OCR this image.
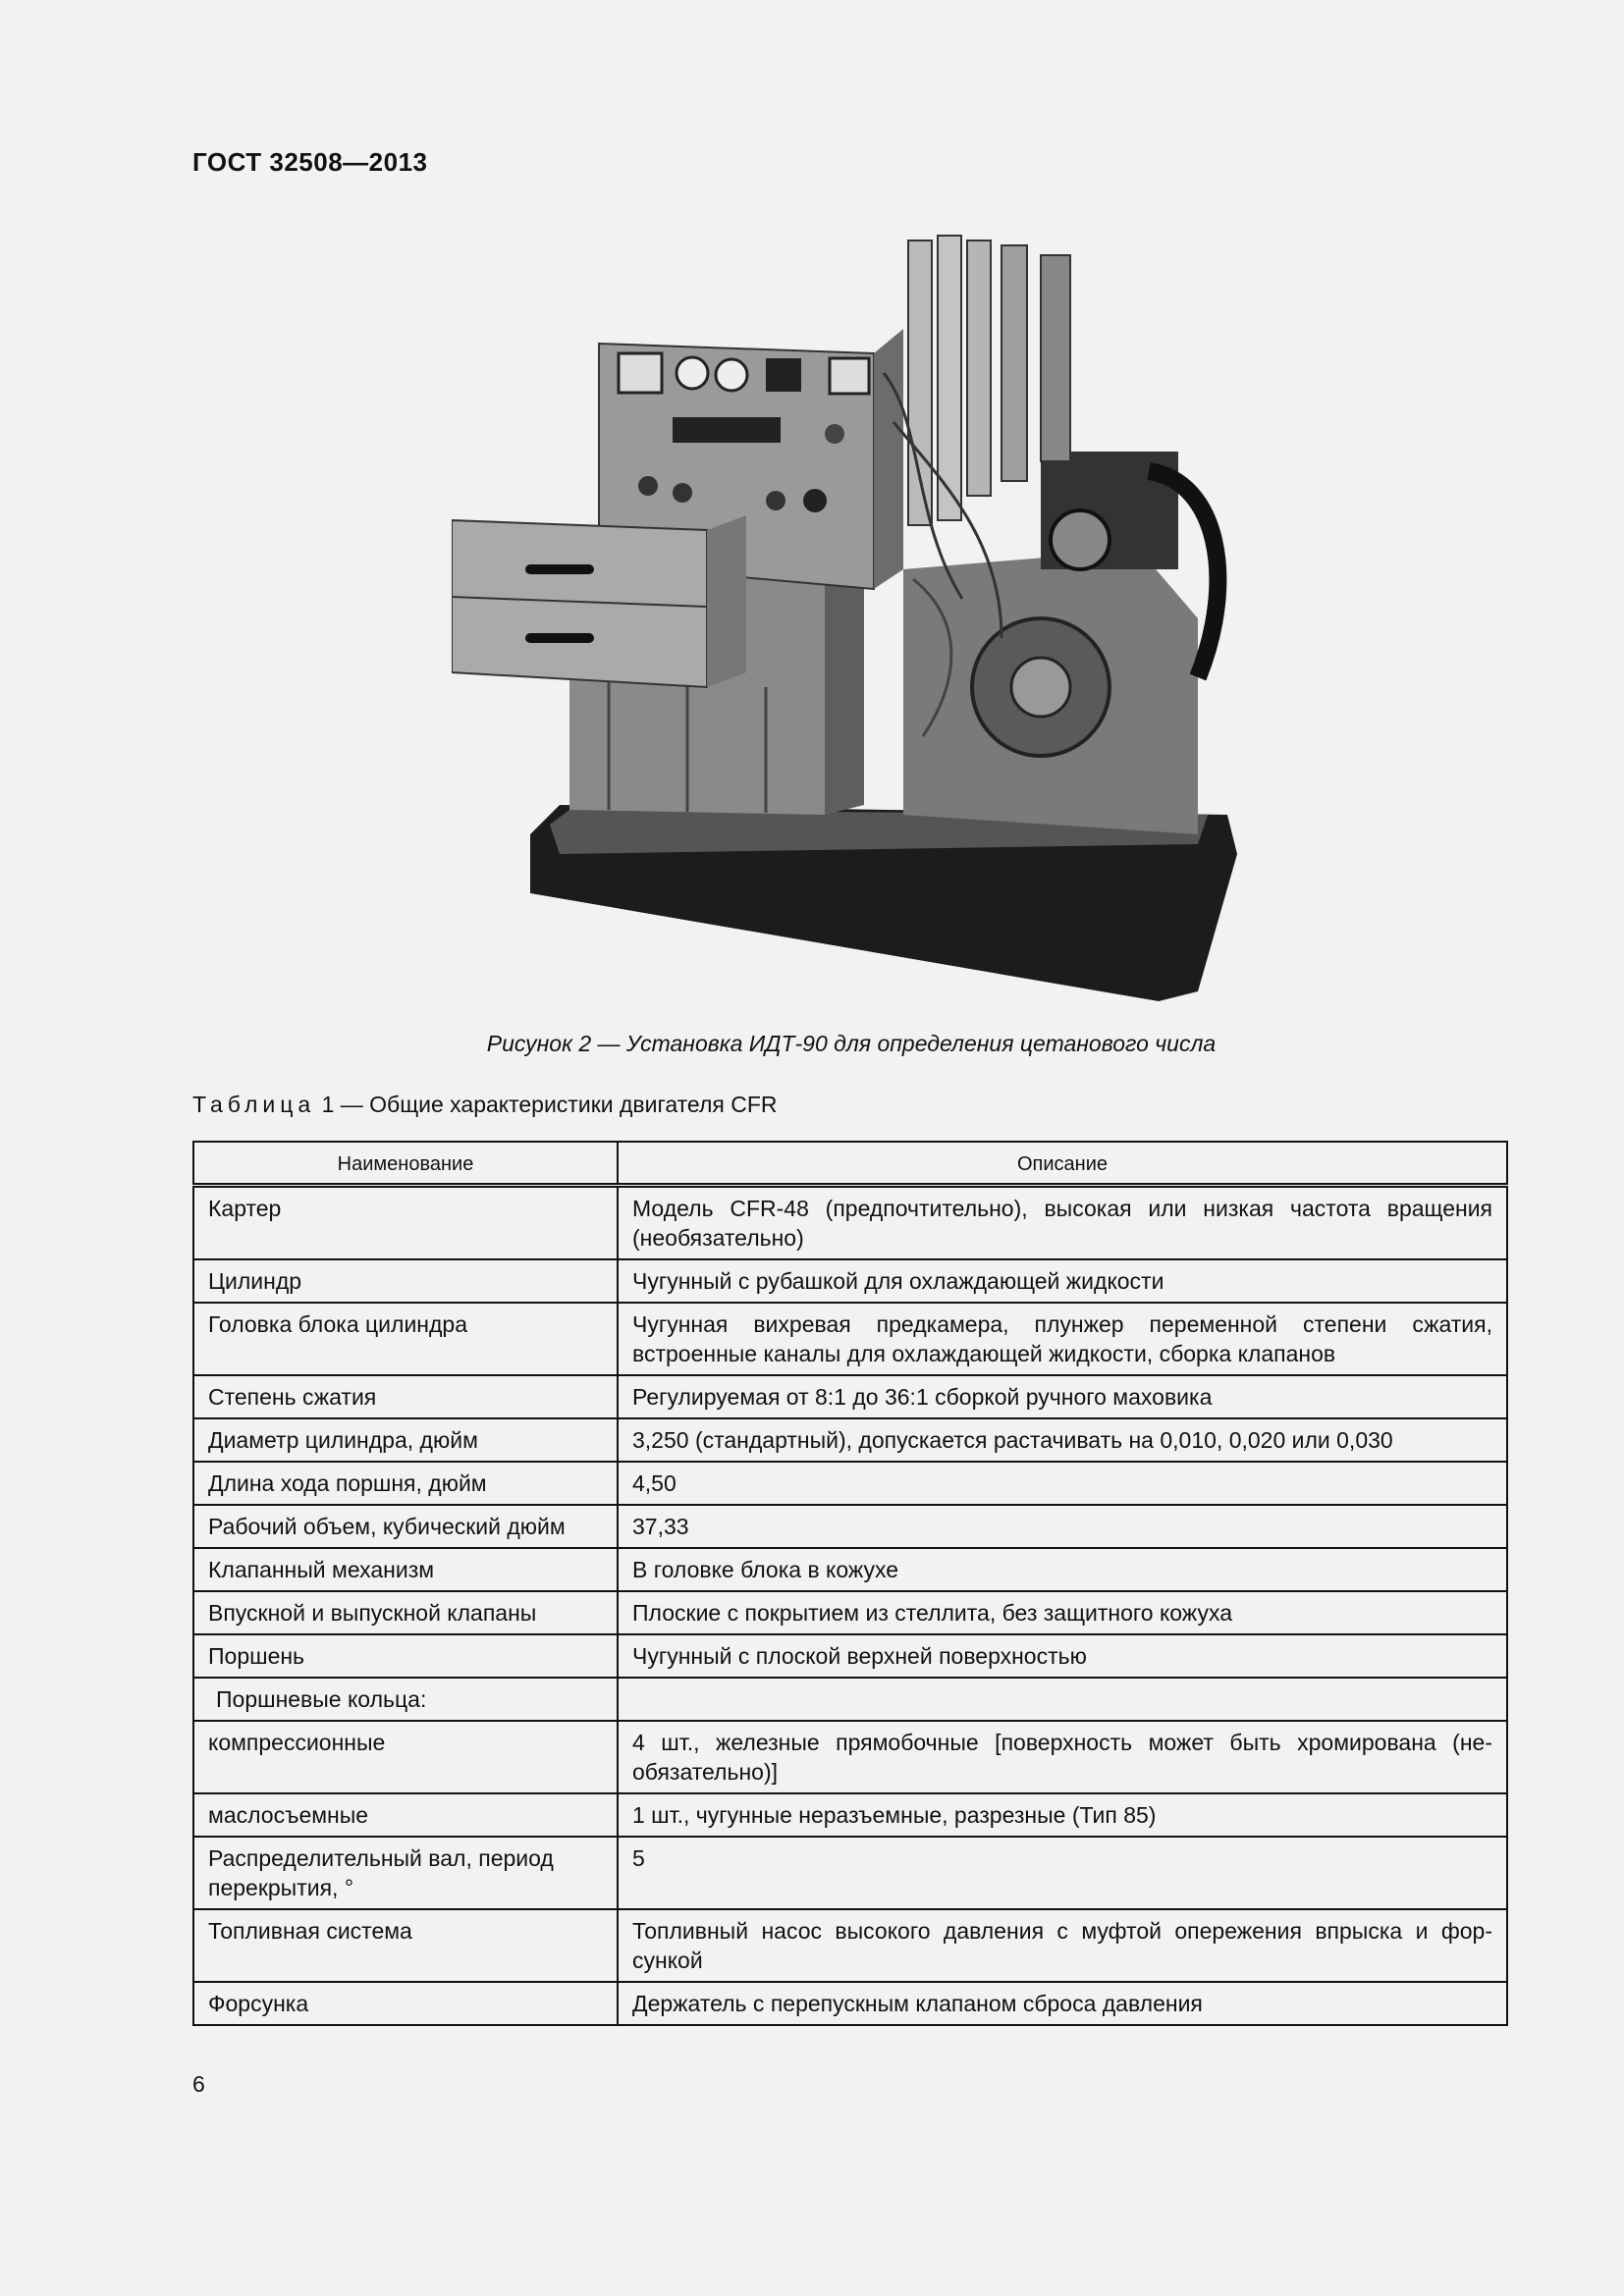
ГОСТ 32508—2013
Рисунок 2 — Установка ИДТ-90 для определения цетанового числа
Таблица 1 — Общие характеристики двигателя CFR
Наименование	Описание
Картер	Модель CFR-48 (предпочтительно), высокая или низкая частота вращения (необязательно)
Цилиндр	Чугунный с рубашкой для охлаждающей жидкости
Головка блока цилиндра	Чугунная вихревая предкамера, плунжер переменной степени сжатия, встроенные каналы для охлаждающей жидкости, сборка клапанов
Степень сжатия	Регулируемая от 8:1 до 36:1 сборкой ручного маховика
Диаметр цилиндра, дюйм	3,250 (стандартный), допускается растачивать на 0,010, 0,020 или 0,030
Длина хода поршня, дюйм	4,50
Рабочий объем, кубический дюйм	37,33
Клапанный механизм	В головке блока в кожухе
Впускной и выпускной клапаны	Плоские с покрытием из стеллита, без защитного кожуха
Поршень	Чугунный с плоской верхней поверхностью
Поршневые кольца:	
компрессионные	4 шт., железные прямобочные [поверхность может быть хромирована (не-обязательно)]
маслосъемные	1 шт., чугунные неразъемные, разрезные (Тип 85)
Распределительный вал, период перекрытия, °	5
Топливная система	Топливный насос высокого давления с муфтой опережения впрыска и фор-сункой
Форсунка	Держатель с перепускным клапаном сброса давления
6
